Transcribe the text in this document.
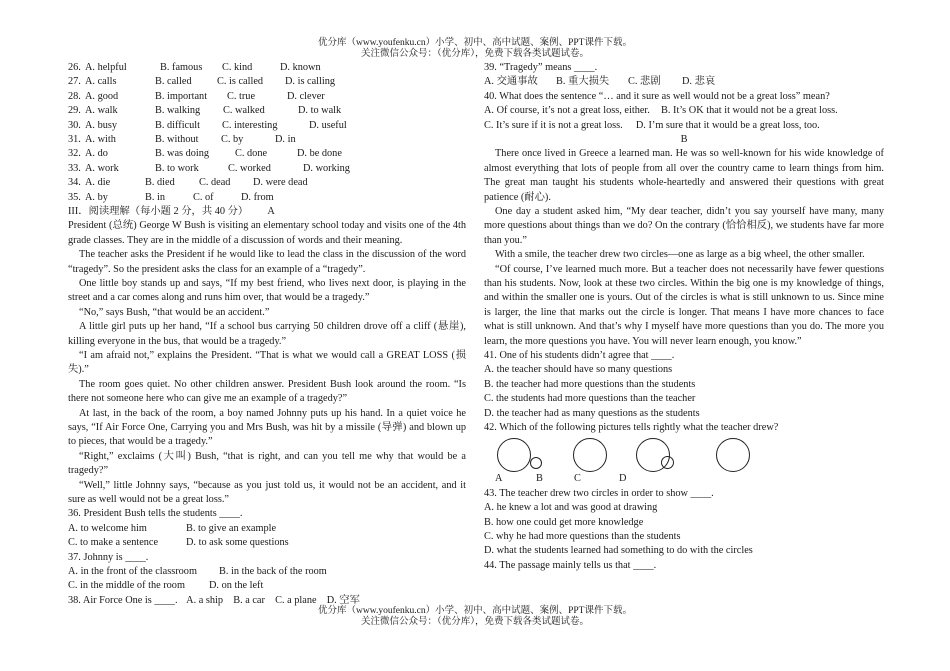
优分库（www.youfenku.cn）小学、初中、高中试题、案例、PPT课件下载。
关注微信公众号：（优分库），免费下载各类试题试卷。
26. A. helpful	B. famous C. kind	D. known
27. A. calls	B. called C. is called D. is calling
28. A. good	B. important C. true	D. clever
29. A. walk	B. walking C. walked	D. to walk
30. A. busy	B. difficult C. interesting	D. useful
31. A. with	B. without C. by	D. in
32. A. do	B. was doing	C. done	D. be done
33. A. work	B. to work	C. worked	D. working
34. A. die	B. died C. dead D. were dead
35. A. by	B. in	C. of	D. from
III．阅读理解（每小题 2 分，共 40 分） A
President (总统) George W Bush is visiting an elementary school today and visits one of the 4th grade classes. They are in the middle of a discussion of words and their meaning.
The teacher asks the President if he would like to lead the class in the discussion of the word “tragedy”. So the president asks the class for an example of a “tragedy”.
One little boy stands up and says, “If my best friend, who lives next door, is playing in the street and a car comes along and runs him over, that would be a tragedy.”
“No,” says Bush, “that would be an accident.”
A little girl puts up her hand, “If a school bus carrying 50 children drove off a cliff (悬崖), killing everyone in the bus, that would be a tragedy.”
“I am afraid not,” explains the President. “That is what we would call a GREAT LOSS (损失).”
The room goes quiet. No other children answer. President Bush look around the room. “Is there not someone here who can give me an example of a tragedy?”
At last, in the back of the room, a boy named Johnny puts up his hand. In a quiet voice he says, “If Air Force One, Carrying you and Mrs Bush, was hit by a missile (导弹) and blown up to pieces, that would be a tragedy.”
“Right,” exclaims (大叫) Bush, “that is right, and can you tell me why that would be a tragedy?”
“Well,” little Johnny says, “because as you just told us, it would not be an accident, and it sure as well would not be a great loss.”
36. President Bush tells the students ____.
A. to welcome him	B. to give an example
C. to make a sentence	D. to ask some questions
37. Johnny is ____.
A. in the front of the classroom B. in the back of the room
C. in the middle of the room D. on the left
38. Air Force One is ____. A. a ship B. a car C. a plane D. 空军
39. “Tragedy” means ____.
A. 交通事故 B. 重大损失 C. 悲剧 D. 悲哀
40. What does the sentence “… and it sure as well would not be a great loss” mean?
A. Of course, it’s not a great loss, either. B. It’s OK that it would not be a great loss.
C. It’s sure if it is not a great loss. D. I’m sure that it would be a great loss, too.
B
There once lived in Greece a learned man. He was so well-known for his wide knowledge of almost everything that lots of people from all over the country came to learn things from him. The great man taught his students whole-heartedly and answered their questions with great patience (耐心).
One day a student asked him, “My dear teacher, didn’t you say yourself have many, many more questions about things than we do? On the contrary (恰恰相反), we students have far more than you.”
With a smile, the teacher drew two circles—one as large as a big wheel, the other smaller.
“Of course, I’ve learned much more. But a teacher does not necessarily have fewer questions than his students. Now, look at these two circles. Within the big one is my knowledge of things, and within the smaller one is yours. Out of the circles is what is still unknown to us. Since mine is larger, the line that marks out the circle is longer. That means I have more chances to face what is still unknown. And that’s why I myself have more questions than you do. The more you learn, the more questions you have. You will never learn enough, you know.”
41. One of his students didn’t agree that ____.
A. the teacher should have so many questions
B. the teacher had more questions than the students
C. the students had more questions than the teacher
D. the teacher had as many questions as the students
42. Which of the following pictures tells rightly what the teacher drew?
A	B	C	D
43. The teacher drew two circles in order to show ____.
A. he knew a lot and was good at drawing
B. how one could get more knowledge
C. why he had more questions than the students
D. what the students learned had something to do with the circles
44. The passage mainly tells us that ____.
优分库（www.youfenku.cn）小学、初中、高中试题、案例、PPT课件下载。
关注微信公众号：（优分库），免费下载各类试题试卷。
